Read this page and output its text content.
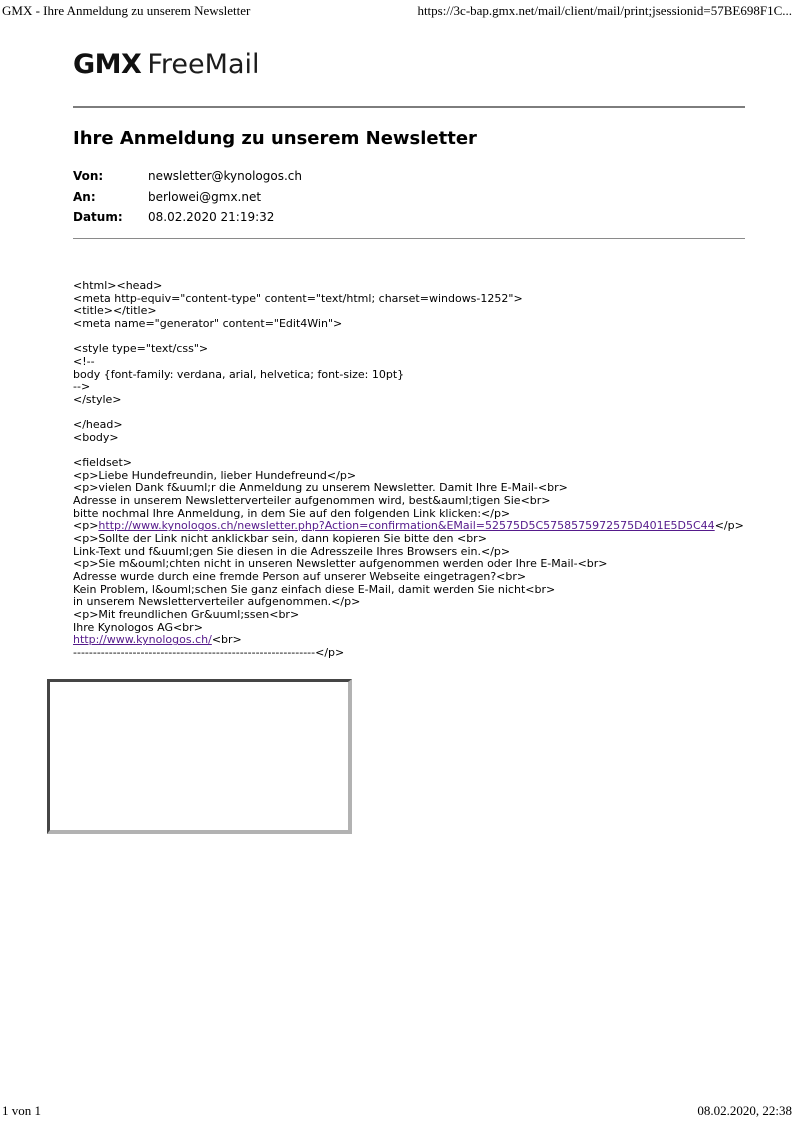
GMX - Ihre Anmeldung zu unserem Newsletter	https://3c-bap.gmx.net/mail/client/mail/print;jsessionid=57BE698F1C...
GMX FreeMail
Ihre Anmeldung zu unserem Newsletter
Von:	newsletter@kynologos.ch
An:	berlowei@gmx.net
Datum:	08.02.2020 21:19:32
<html><head>
<meta http-equiv="content-type" content="text/html; charset=windows-1252">
<title></title>
<meta name="generator" content="Edit4Win">
<style type="text/css">
<!--
body {font-family: verdana, arial, helvetica; font-size: 10pt}
-->
</style>
</head>
<body>
<fieldset>
<p>Liebe Hundefreundin, lieber Hundefreund</p>
<p>vielen Dank f&uuml;r die Anmeldung zu unserem Newsletter. Damit Ihre E-Mail-<br>
Adresse in unserem Newsletterverteiler aufgenommen wird, best&auml;tigen Sie<br>
bitte nochmal Ihre Anmeldung, in dem Sie auf den folgenden Link klicken:</p>
<p>http://www.kynologos.ch/newsletter.php?Action=confirmation&EMail=52575D5C5758575972575D401E5D5C44</p>
<p>Sollte der Link nicht anklickbar sein, dann kopieren Sie bitte den <br>
Link-Text und f&uuml;gen Sie diesen in die Adresszeile Ihres Browsers ein.</p>
<p>Sie m&ouml;chten nicht in unseren Newsletter aufgenommen werden oder Ihre E-Mail-<br>
Adresse wurde durch eine fremde Person auf unserer Webseite eingetragen?<br>
Kein Problem, l&ouml;schen Sie ganz einfach diese E-Mail, damit werden Sie nicht<br>
in unserem Newsletterverteiler aufgenommen.</p>
<p>Mit freundlichen Gr&uuml;ssen<br>
Ihre Kynologos AG<br>
http://www.kynologos.ch/<br>
-------------------------------------------------------------</p>
1 von 1	08.02.2020, 22:38
